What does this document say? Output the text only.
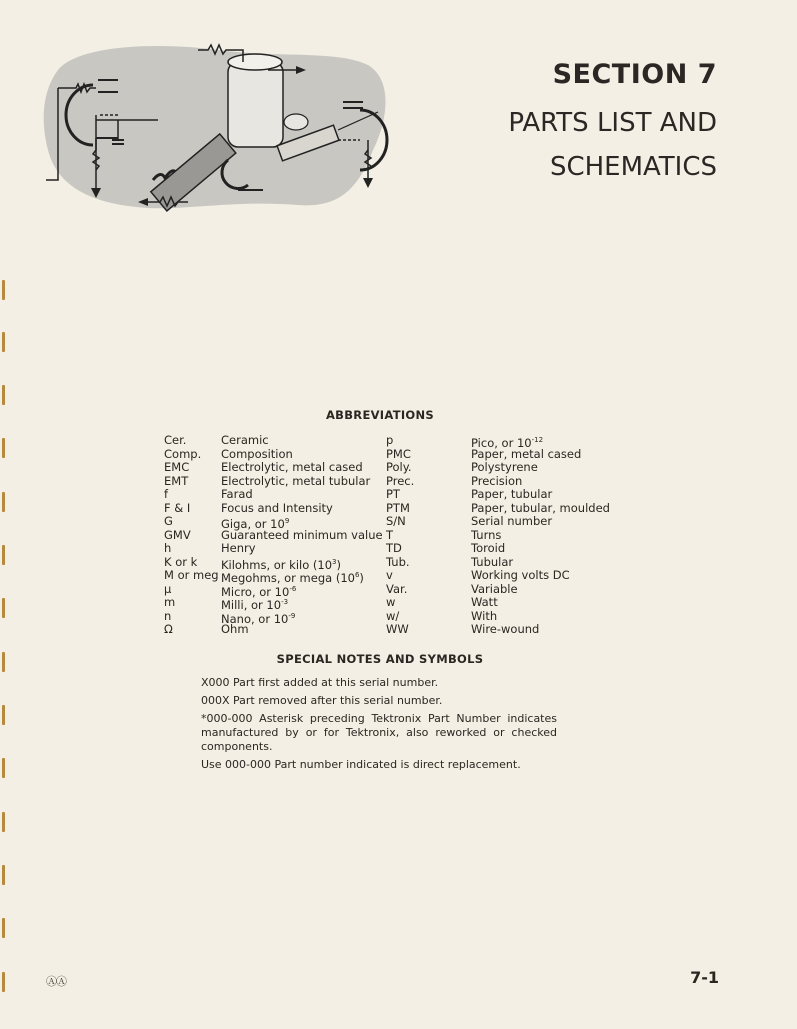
SECTION 7
PARTS LIST AND
SCHEMATICS
ABBREVIATIONS
Cer.	Ceramic
Comp.	Composition
EMC	Electrolytic, metal cased
EMT	Electrolytic, metal tubular
f	Farad
F & I	Focus and Intensity
G	Giga, or $10^9$
GMV	Guaranteed minimum value
h	Henry
K or k	Kilohms, or kilo $(10^3)$
M or meg Megohms, or mega $(10^6)$
μ	Micro, or $10^{-6}$
m	Milli, or $10^{-3}$
n	Nano, or $10^{-9}$
Ω	Ohm
p	Pico, or $10^{-12}$
PMC	Paper, metal cased
Poly.	Polystyrene
Prec.	Precision
PT	Paper, tubular
PTM	Paper, tubular, moulded
S/N	Serial number
T	Turns
TD	Toroid
Tub.	Tubular
v	Working volts DC
Var.	Variable
w	Watt
w/	With
WW	Wire-wound
SPECIAL NOTES AND SYMBOLS

X000 Part first added at this serial number.

000X Part removed after this serial number.

*000-000 Asterisk preceding Tektronix Part Number indicates manufactured by or for Tektronix, also reworked or checked components.

Use 000-000 Part number indicated is direct replacement.

ⒶⒶ	7-1
